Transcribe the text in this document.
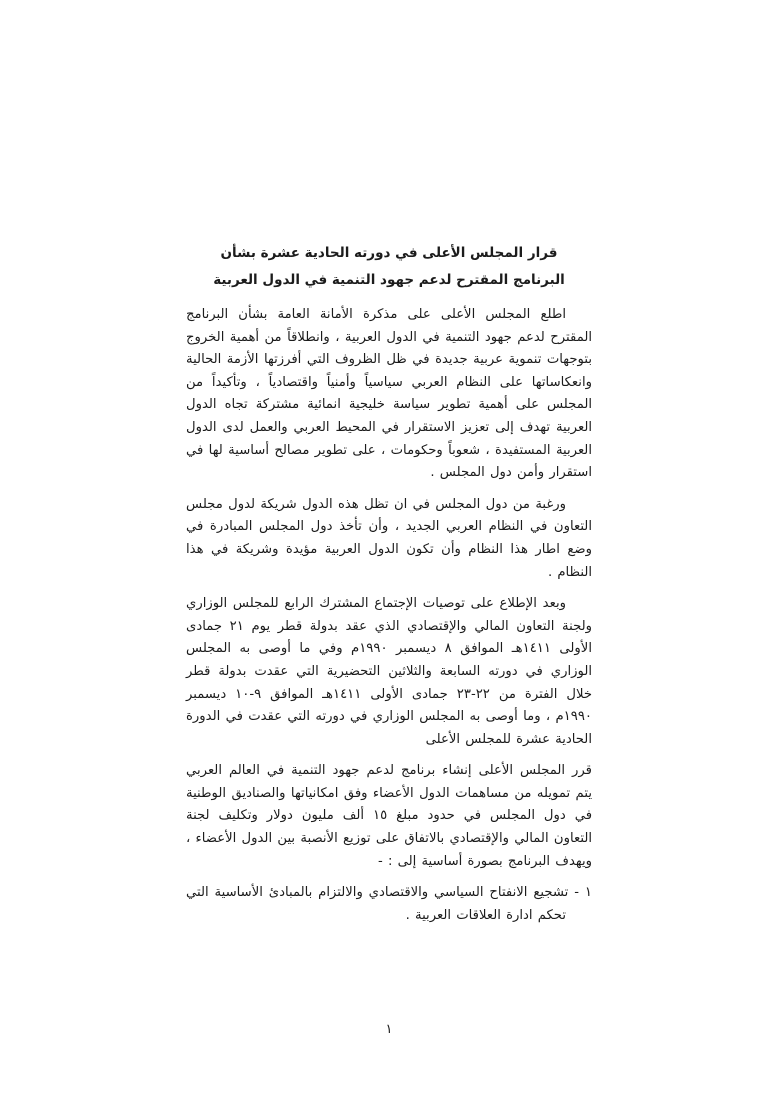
قرار المجلس الأعلى في دورته الحادية عشرة بشأن

البرنامج المقترح لدعم جهود التنمية في الدول العربية

اطلع المجلس الأعلى على مذكرة الأمانة العامة بشأن البرنامج المقترح لدعم جهود التنمية في الدول العربية ، وانطلاقاً من أهمية الخروج بتوجهات تنموية عربية جديدة في ظل الظروف التي أفرزتها الأزمة الحالية وانعكاساتها على النظام العربي سياسياً وأمنياً واقتصادياً ، وتأكيداً من المجلس على أهمية تطوير سياسة خليجية انمائية مشتركة تجاه الدول العربية تهدف إلى تعزيز الاستقرار في المحيط العربي والعمل لدى الدول العربية المستفيدة ، شعوباً وحكومات ، على تطوير مصالح أساسية لها في استقرار وأمن دول المجلس .

ورغبة من دول المجلس في ان تظل هذه الدول شريكة لدول مجلس التعاون في النظام العربي الجديد ، وأن تأخذ دول المجلس المبادرة في وضع اطار هذا النظام وأن تكون الدول العربية مؤيدة وشريكة في هذا النظام .

وبعد الإطلاع على توصيات الإجتماع المشترك الرابع للمجلس الوزاري ولجنة التعاون المالي والإقتصادي الذي عقد بدولة قطر يوم ٢١ جمادى الأولى ١٤١١هـ الموافق ٨ ديسمبر ١٩٩٠م وفي ما أوصى به المجلس الوزاري في دورته السابعة والثلاثين التحضيرية التي عقدت بدولة قطر خلال الفترة من ٢٢-٢٣ جمادى الأولى ١٤١١هـ الموافق ٩-١٠ ديسمبر ١٩٩٠م ، وما أوصى به المجلس الوزاري في دورته التي عقدت في الدورة الحادية عشرة للمجلس الأعلى

قرر المجلس الأعلى إنشاء برنامج لدعم جهود التنمية في العالم العربي يتم تمويله من مساهمات الدول الأعضاء وفق امكانياتها والصناديق الوطنية في دول المجلس في حدود مبلغ ١٥ ألف مليون دولار وتكليف لجنة التعاون المالي والإقتصادي بالاتفاق على توزيع الأنصبة بين الدول الأعضاء ، ويهدف البرنامج بصورة أساسية إلى : -

١ -تشجيع الانفتاح السياسي والاقتصادي والالتزام بالمبادئ الأساسية التي تحكم ادارة العلاقات العربية .
١
